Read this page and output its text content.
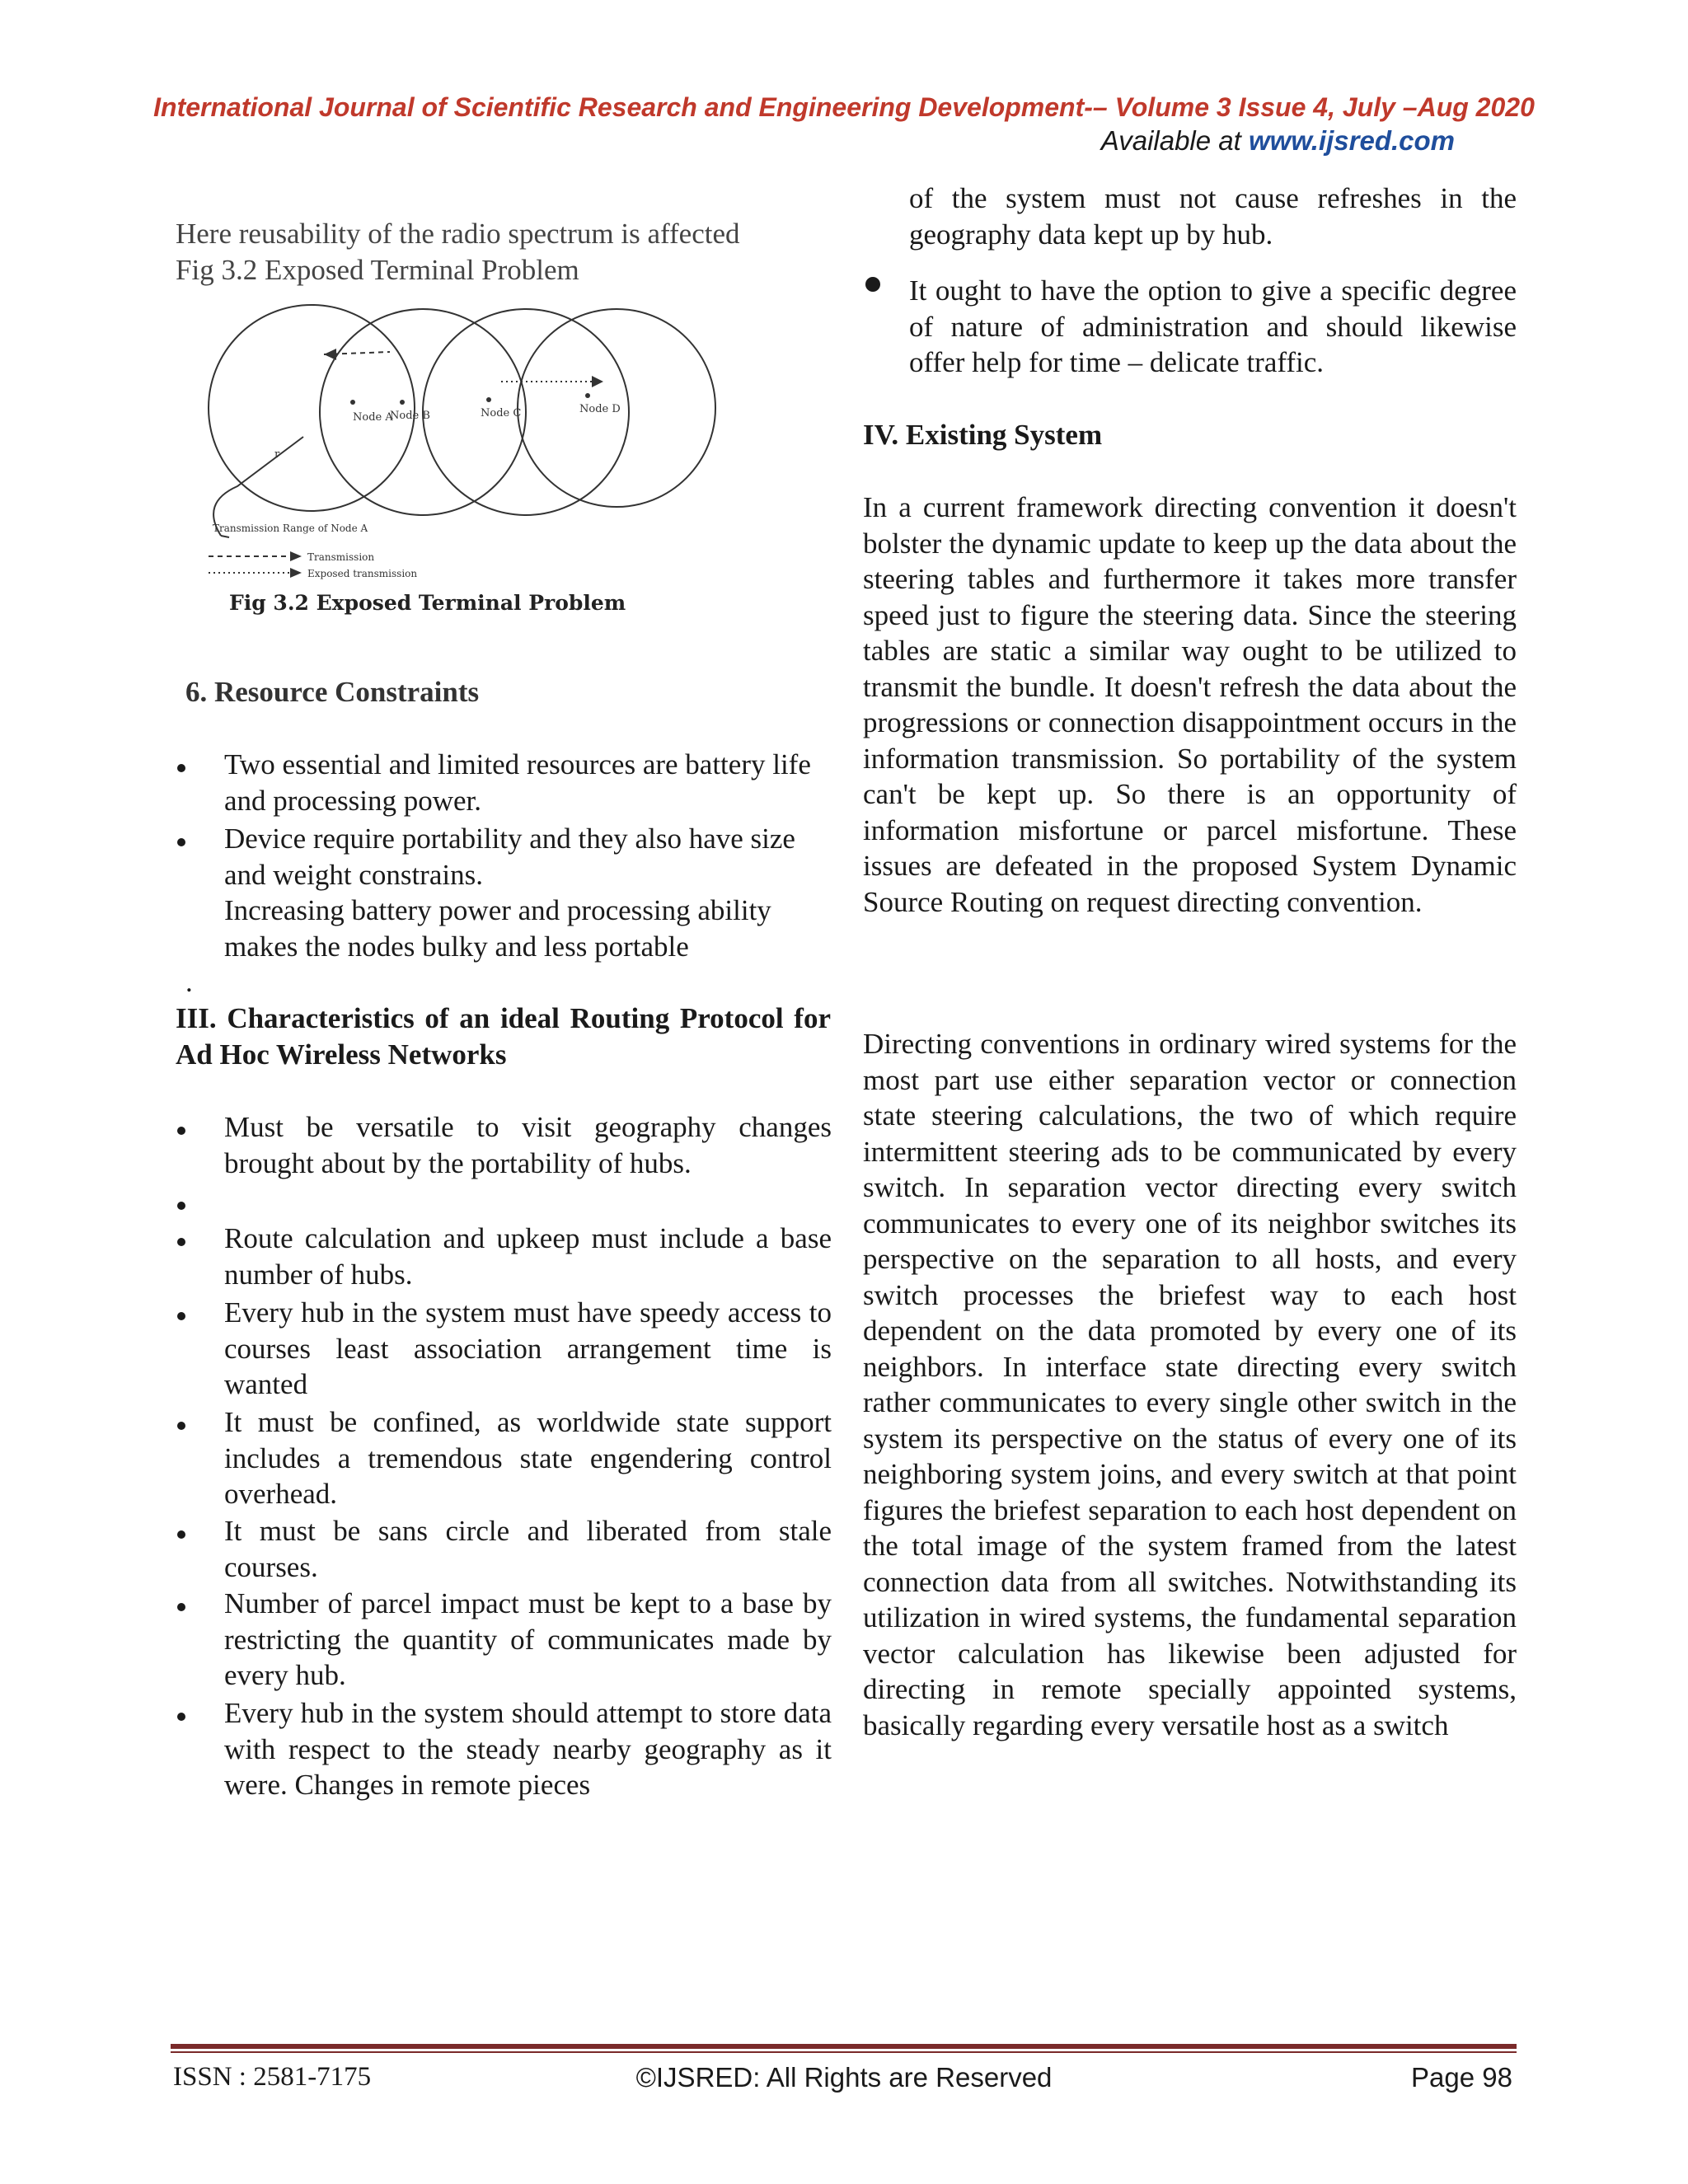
International Journal of Scientific Research and Engineering Development-– Volume 3 Issue 4, July –Aug 2020
Available at www.ijsred.com
Here reusability of the radio spectrum is affected
Fig 3.2 Exposed Terminal Problem
Node A
Node B	Node C	Node D
r
Transmission Range of Node A
Transmission
Exposed transmission
Fig 3.2 Exposed Terminal Problem
6. Resource Constraints
Two essential and limited resources are battery life and processing power.
Device require portability and they also have size and weight constrains.
Increasing battery power and processing ability makes the nodes bulky and less portable
.
III. Characteristics of an ideal Routing Protocol for Ad Hoc Wireless Networks
Must be versatile to visit geography changes brought about by the portability of hubs.
Route calculation and upkeep must include a base number of hubs.
Every hub in the system must have speedy access to courses least association arrangement time is wanted
It must be confined, as worldwide state support includes a tremendous state engendering control overhead.
It must be sans circle and liberated from stale courses.
Number of parcel impact must be kept to a base by restricting the quantity of communicates made by every hub.
Every hub in the system should attempt to store data with respect to the steady nearby geography as it were. Changes in remote pieces
of the system must not cause refreshes in the geography data kept up by hub.
It ought to have the option to give a specific degree of nature of administration and should likewise offer help for time – delicate traffic.
IV. Existing System
In a current framework directing convention it doesn't bolster the dynamic update to keep up the data about the steering tables and furthermore it takes more transfer speed just to figure the steering data. Since the steering tables are static a similar way ought to be utilized to transmit the bundle. It doesn't refresh the data about the progressions or connection disappointment occurs in the information transmission. So portability of the system can't be kept up. So there is an opportunity of information misfortune or parcel misfortune. These issues are defeated in the proposed System Dynamic Source Routing on request directing convention.
Directing conventions in ordinary wired systems for the most part use either separation vector or connection state steering calculations, the two of which require intermittent steering ads to be communicated by every switch. In separation vector directing every switch communicates to every one of its neighbor switches its perspective on the separation to all hosts, and every switch processes the briefest way to each host dependent on the data promoted by every one of its neighbors. In interface state directing every switch rather communicates to every single other switch in the system its perspective on the status of every one of its neighboring system joins, and every switch at that point figures the briefest separation to each host dependent on the total image of the system framed from the latest connection data from all switches. Notwithstanding its utilization in wired systems, the fundamental separation vector calculation has likewise been adjusted for directing in remote specially appointed systems, basically regarding every versatile host as a switch
ISSN : 2581-7175	©IJSRED: All Rights are Reserved	Page 98
